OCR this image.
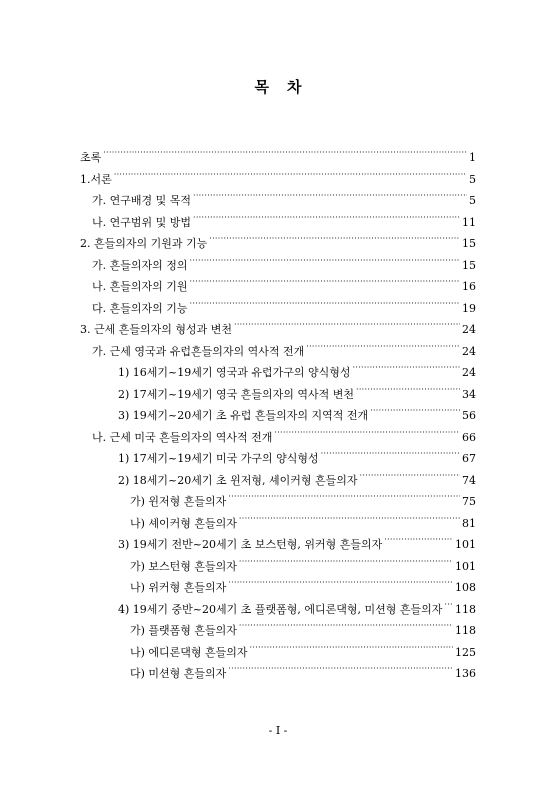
목 차
초록 ·····	1
1.서론 ·····	5
가. 연구배경 및 목적 ·····	5
나. 연구범위 및 방법 ·····	11
2. 흔들의자의 기원과 기능 ·····	15
가. 흔들의자의 정의 ·····	15
나. 흔들의자의 기원 ·····	16
다. 흔들의자의 기능 ·····	19
3. 근세 흔들의자의 형성과 변천 ·····	24
가. 근세 영국과 유럽흔들의자의 역사적 전개 ·····	24
1) 16세기~19세기 영국과 유럽가구의 양식형성 ·····	24
2) 17세기~19세기 영국 흔들의자의 역사적 변천 ·····	34
3) 19세기~20세기 초 유럽 흔들의자의 지역적 전개 ·····	56
나. 근세 미국 흔들의자의 역사적 전개 ·····	66
1) 17세기~19세기 미국 가구의 양식형성 ·····	67
2) 18세기~20세기 초 윈저형, 셰이커형 흔들의자 ·····	74
가) 윈저형 흔들의자 ·····	75
나) 셰이커형 흔들의자 ·····	81
3) 19세기 전반~20세기 초 보스턴형, 위커형 흔들의자 ·····	101
가) 보스턴형 흔들의자 ·····	101
나) 위커형 흔들의자 ·····	108
4) 19세기 중반~20세기 초 플랫폼형, 에디론댁형, 미션형 흔들의자 ····· 118
가) 플랫폼형 흔들의자 ·····	118
나) 에디론댁형 흔들의자 ·····	125
다) 미션형 흔들의자 ·····	136
- I -
